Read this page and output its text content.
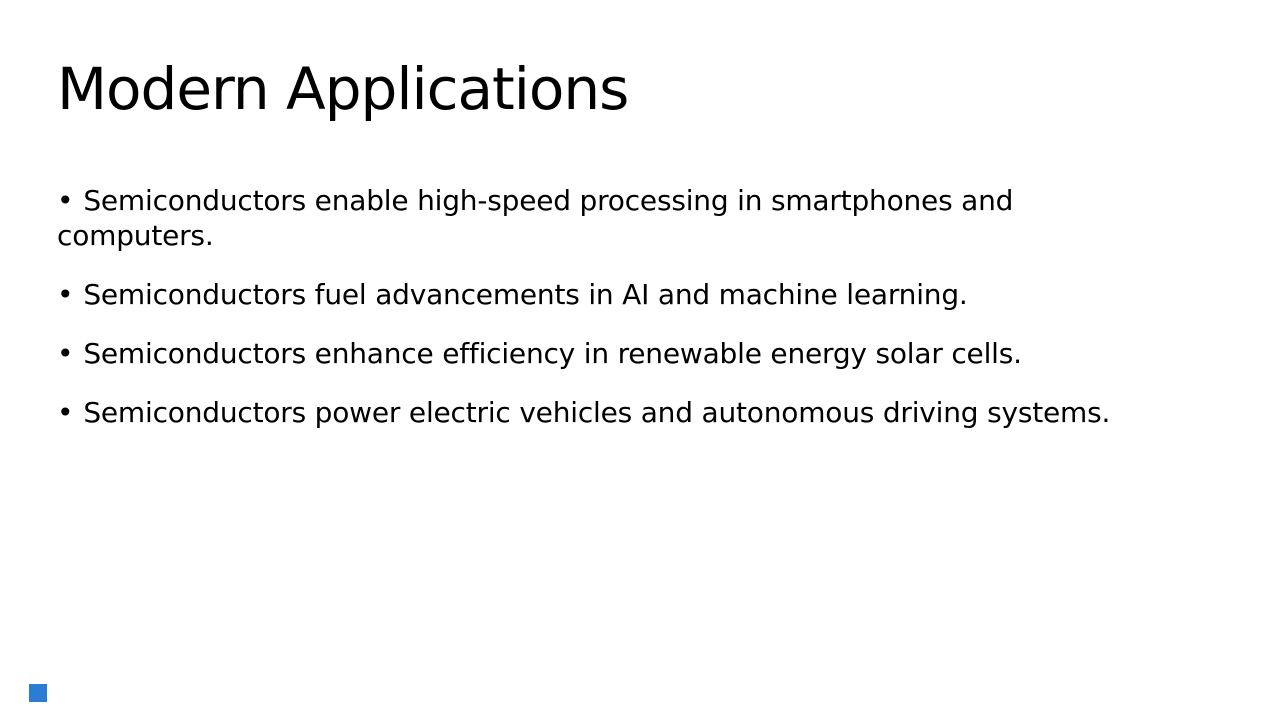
Modern Applications

• Semiconductors enable high-speed processing in smartphones and computers.

• Semiconductors fuel advancements in AI and machine learning.

• Semiconductors enhance efficiency in renewable energy solar cells.

• Semiconductors power electric vehicles and autonomous driving systems.
